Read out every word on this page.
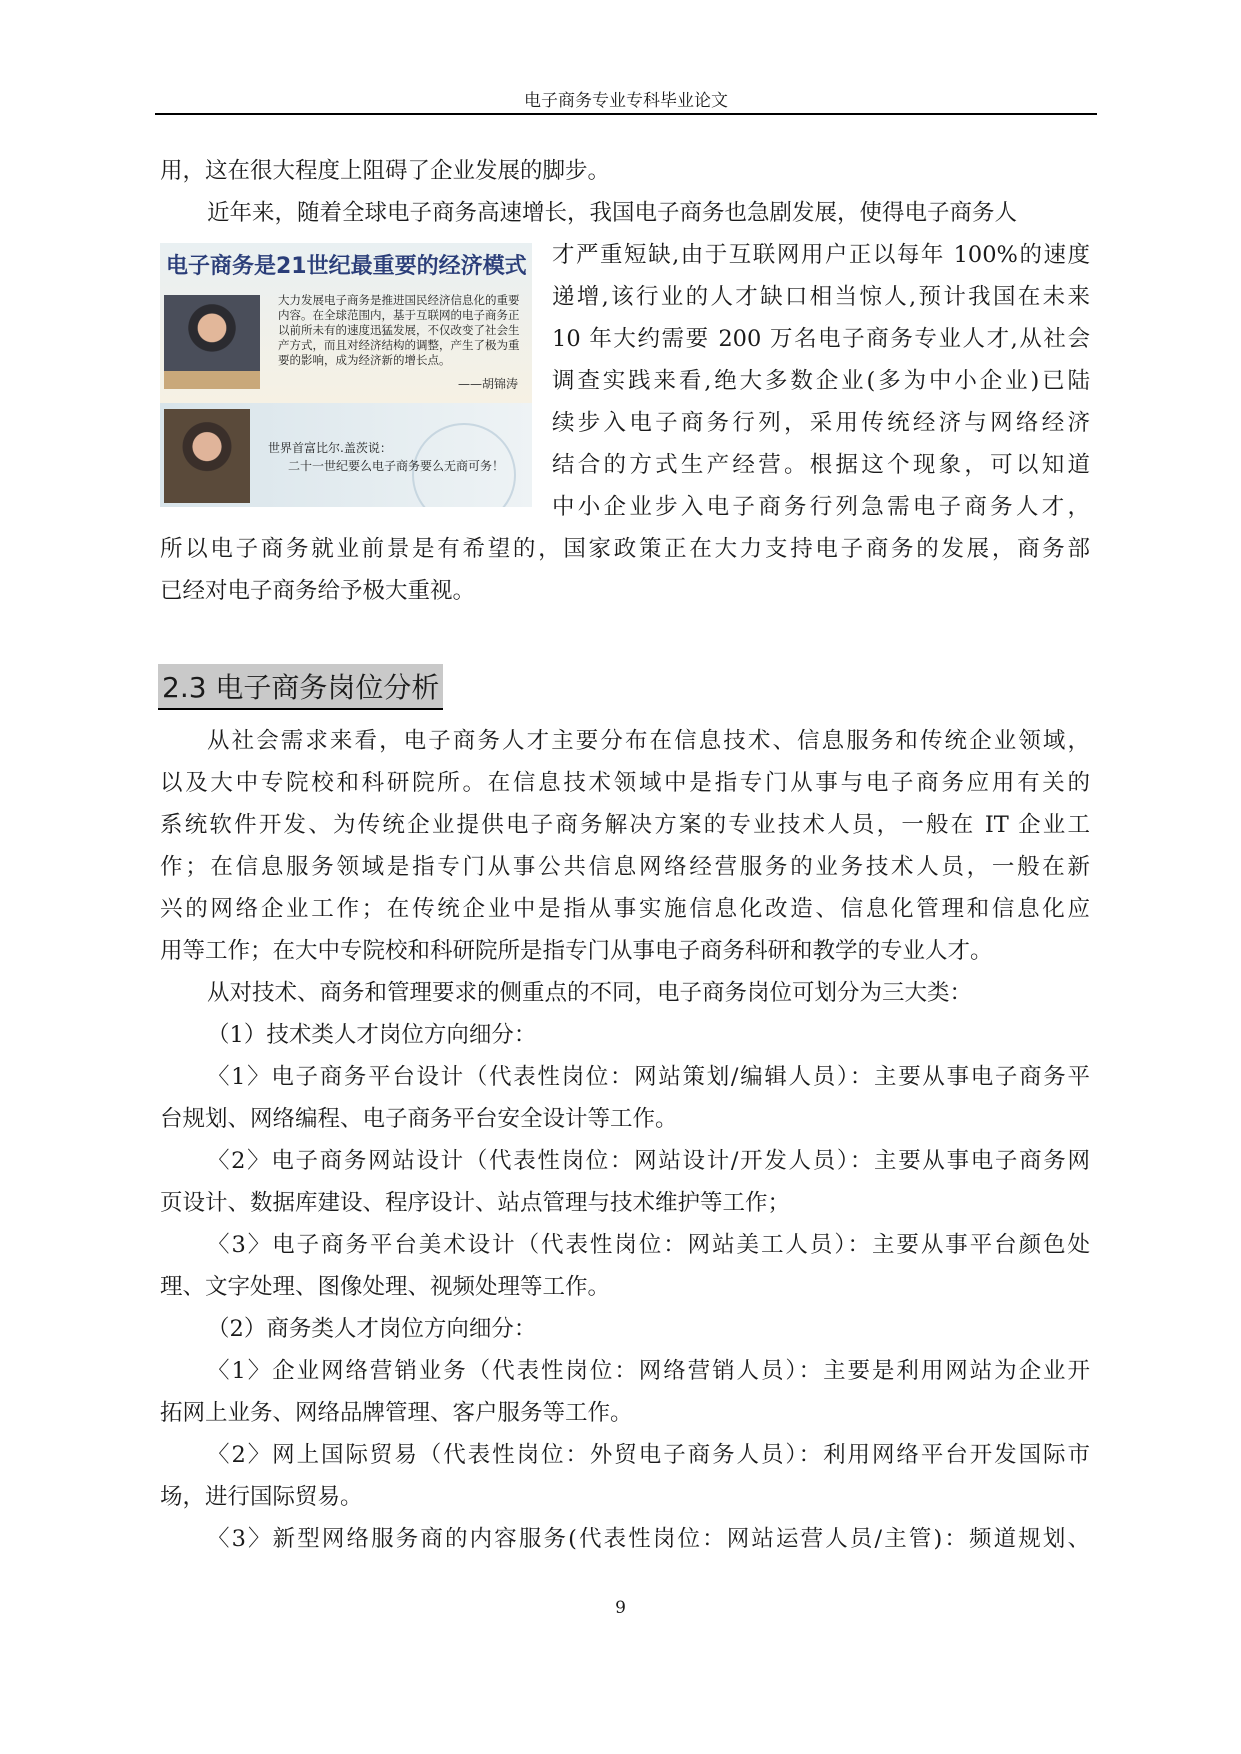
电子商务专业专科毕业论文
用，这在很大程度上阻碍了企业发展的脚步。
近年来，随着全球电子商务高速增长，我国电子商务也急剧发展，使得电子商务人
电子商务是21世纪最重要的经济模式
大力发展电子商务是推进国民经济信息化的重要内容。在全球范围内，基于互联网的电子商务正以前所未有的速度迅猛发展，不仅改变了社会生产方式，而且对经济结构的调整，产生了极为重要的影响，成为经济新的增长点。
——胡锦涛
世界首富比尔.盖茨说：
二十一世纪要么电子商务要么无商可务！
才严重短缺,由于互联网用户正以每年 100%的速度
递增,该行业的人才缺口相当惊人,预计我国在未来
10 年大约需要 200 万名电子商务专业人才,从社会
调查实践来看,绝大多数企业(多为中小企业)已陆
续步入电子商务行列，采用传统经济与网络经济
结合的方式生产经营。根据这个现象，可以知道
中小企业步入电子商务行列急需电子商务人才，
所以电子商务就业前景是有希望的，国家政策正在大力支持电子商务的发展，商务部
已经对电子商务给予极大重视。
2.3 电子商务岗位分析
从社会需求来看，电子商务人才主要分布在信息技术、信息服务和传统企业领域，
以及大中专院校和科研院所。在信息技术领域中是指专门从事与电子商务应用有关的
系统软件开发、为传统企业提供电子商务解决方案的专业技术人员，一般在 IT 企业工
作；在信息服务领域是指专门从事公共信息网络经营服务的业务技术人员，一般在新
兴的网络企业工作；在传统企业中是指从事实施信息化改造、信息化管理和信息化应
用等工作；在大中专院校和科研院所是指专门从事电子商务科研和教学的专业人才。
从对技术、商务和管理要求的侧重点的不同，电子商务岗位可划分为三大类：
（1）技术类人才岗位方向细分：
〈1〉电子商务平台设计（代表性岗位：网站策划/编辑人员）：主要从事电子商务平
台规划、网络编程、电子商务平台安全设计等工作。
〈2〉电子商务网站设计（代表性岗位：网站设计/开发人员）：主要从事电子商务网
页设计、数据库建设、程序设计、站点管理与技术维护等工作；
〈3〉电子商务平台美术设计（代表性岗位：网站美工人员）：主要从事平台颜色处
理、文字处理、图像处理、视频处理等工作。
（2）商务类人才岗位方向细分：
〈1〉企业网络营销业务（代表性岗位：网络营销人员）：主要是利用网站为企业开
拓网上业务、网络品牌管理、客户服务等工作。
〈2〉网上国际贸易（代表性岗位：外贸电子商务人员）：利用网络平台开发国际市
场，进行国际贸易。
〈3〉新型网络服务商的内容服务(代表性岗位：网站运营人员/主管)：频道规划、
9
